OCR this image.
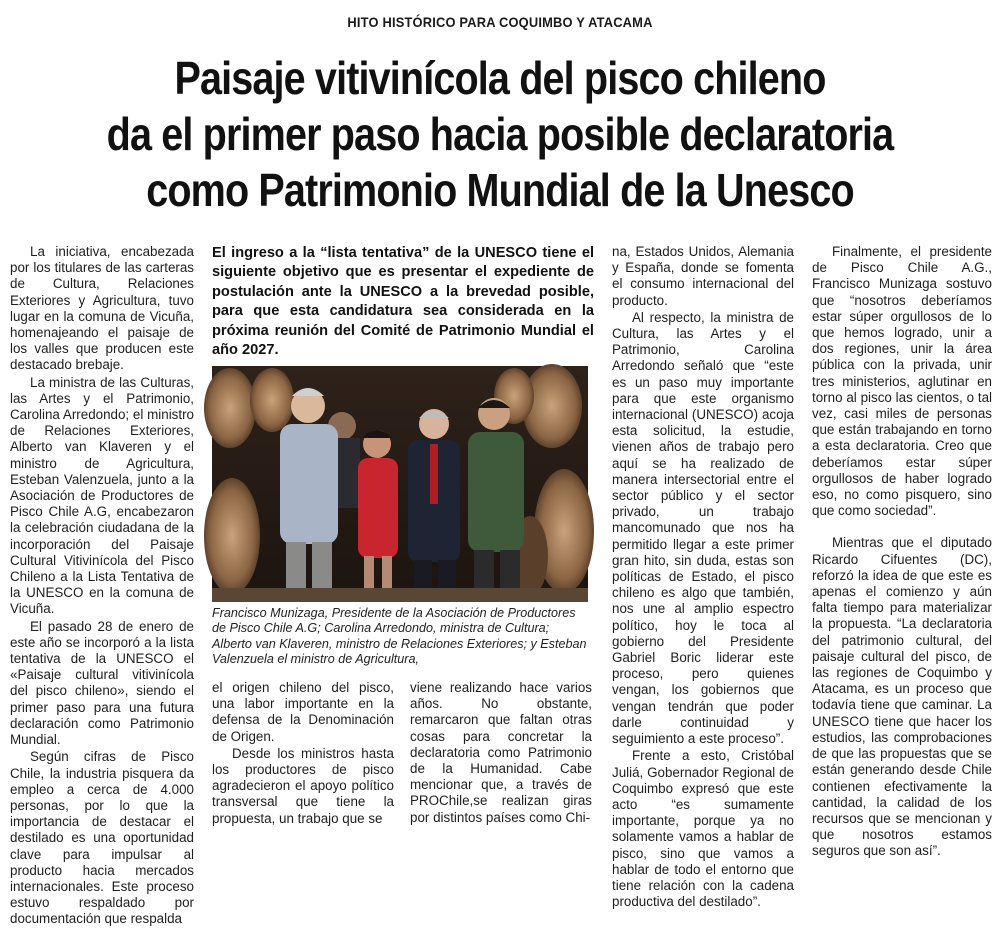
HITO HISTÓRICO PARA COQUIMBO Y ATACAMA
Paisaje vitivinícola del pisco chileno
da el primer paso hacia posible declaratoria
como Patrimonio Mundial de la Unesco

La iniciativa, encabezada por los titulares de las carteras de Cultura, Relaciones Exteriores y Agricultura, tuvo lugar en la comuna de Vicuña, homenajeando el paisaje de los valles que producen este destacado brebaje.

La ministra de las Culturas, las Artes y el Patrimonio, Carolina Arredondo; el ministro de Relaciones Exteriores, Alberto van Klaveren y el ministro de Agricultura, Esteban Valenzuela, junto a la Asociación de Productores de Pisco Chile A.G, encabezaron la celebración ciudadana de la incorporación del Paisaje Cultural Vitivinícola del Pisco Chileno a la Lista Tentativa de la UNESCO en la comuna de Vicuña.

El pasado 28 de enero de este año se incorporó a la lista tentativa de la UNESCO el «Paisaje cultural vitivinícola del pisco chileno», siendo el primer paso para una futura declaración como Patrimonio Mundial.

Según cifras de Pisco Chile, la industria pisquera da empleo a cerca de 4.000 personas, por lo que la importancia de destacar el destilado es una oportunidad clave para impulsar al producto hacia mercados internacionales. Este proceso estuvo respaldado por documentación que respalda

El ingreso a la “lista tentativa” de la UNESCO tiene el siguiente objetivo que es presentar el expediente de postulación ante la UNESCO a la brevedad posible, para que esta candidatura sea considerada en la próxima reunión del Comité de Patrimonio Mundial el año 2027.
Francisco Munizaga, Presidente de la Asociación de Productores de Pisco Chile A.G; Carolina Arredondo, ministra de Cultura; Alberto van Klaveren, ministro de Relaciones Exteriores; y Esteban Valenzuela el ministro de Agricultura,

el origen chileno del pisco, una labor importante en la defensa de la Denominación de Origen.

Desde los ministros hasta los productores de pisco agradecieron el apoyo político transversal que tiene la propuesta, un trabajo que se

viene realizando hace varios años. No obstante, remarcaron que faltan otras cosas para concretar la declaratoria como Patrimonio de la Humanidad. Cabe mencionar que, a través de PROChile,se realizan giras por distintos países como Chi-

na, Estados Unidos, Alemania y España, donde se fomenta el consumo internacional del producto.

Al respecto, la ministra de Cultura, las Artes y el Patrimonio, Carolina Arredondo señaló que “este es un paso muy importante para que este organismo internacional (UNESCO) acoja esta solicitud, la estudie, vienen años de trabajo pero aquí se ha realizado de manera intersectorial entre el sector público y el sector privado, un trabajo mancomunado que nos ha permitido llegar a este primer gran hito, sin duda, estas son políticas de Estado, el pisco chileno es algo que también, nos une al amplio espectro político, hoy le toca al gobierno del Presidente Gabriel Boric liderar este proceso, pero quienes vengan, los gobiernos que vengan tendrán que poder darle continuidad y seguimiento a este proceso”.

Frente a esto, Cristóbal Juliá, Gobernador Regional de Coquimbo expresó que este acto “es sumamente importante, porque ya no solamente vamos a hablar de pisco, sino que vamos a hablar de todo el entorno que tiene relación con la cadena productiva del destilado”.

Finalmente, el presidente de Pisco Chile A.G., Francisco Munizaga sostuvo que “nosotros deberíamos estar súper orgullosos de lo que hemos logrado, unir a dos regiones, unir la área pública con la privada, unir tres ministerios, aglutinar en torno al pisco las cientos, o tal vez, casi miles de personas que están trabajando en torno a esta declaratoria. Creo que deberíamos estar súper orgullosos de haber logrado eso, no como pisquero, sino que como sociedad”.

Mientras que el diputado Ricardo Cifuentes (DC), reforzó la idea de que este es apenas el comienzo y aún falta tiempo para materializar la propuesta. “La declaratoria del patrimonio cultural, del paisaje cultural del pisco, de las regiones de Coquimbo y Atacama, es un proceso que todavía tiene que caminar. La UNESCO tiene que hacer los estudios, las comprobaciones de que las propuestas que se están generando desde Chile contienen efectivamente la cantidad, la calidad de los recursos que se mencionan y que nosotros estamos seguros que son así”.
